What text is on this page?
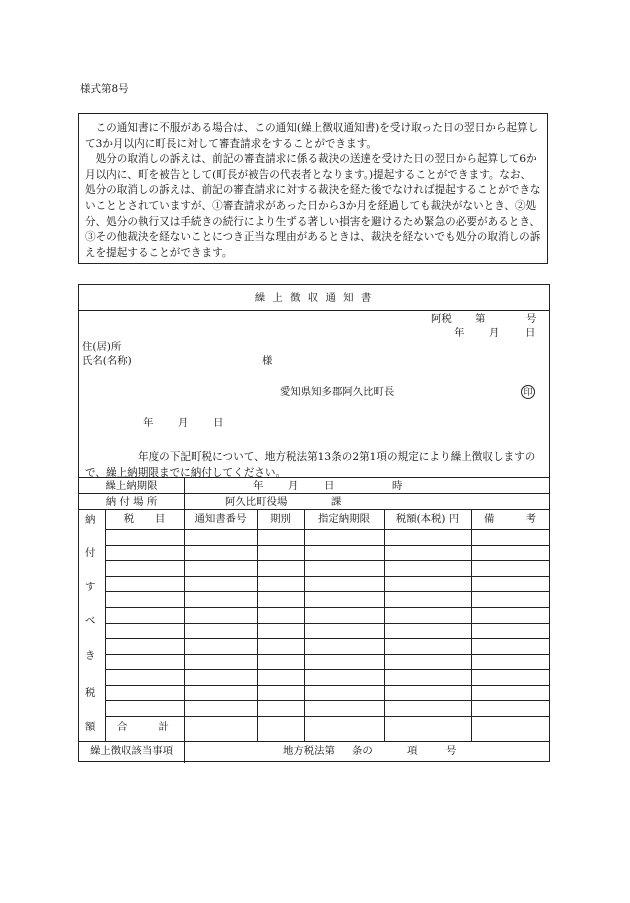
様式第8号

この通知書に不服がある場合は、この通知(繰上徴収通知書)を受け取った日の翌日から起算して3か月以内に町長に対して審査請求をすることができます。

処分の取消しの訴えは、前記の審査請求に係る裁決の送達を受けた日の翌日から起算して6か月以内に、町を被告として(町長が被告の代表者となります。)提起することができます。なお、処分の取消しの訴えは、前記の審査請求に対する裁決を経た後でなければ提起することができないこととされていますが、①審査請求があった日から3か月を経過しても裁決がないとき、②処分、処分の執行又は手続きの続行により生ずる著しい損害を避けるため緊急の必要があるとき、③その他裁決を経ないことにつき正当な理由があるときは、裁決を経ないでも処分の取消しの訴えを提起することができます。

繰 上 徴 収 通 知 書
阿税 第	号
年 月 日
住(居)所
氏名(名称)	様
愛知県知多郡阿久比町長	印
年 月 日

年度の下記町税について、地方税法第13条の2第1項の規定により繰上徴収しますので、繰上納期限までに納付してください。

繰上納期限	年 月 日	時
納 付 場 所	阿久比町役場	課
税　　目	通知書番号	期別	指定納期限	税額(本税) 円	備　　　考
納
付
す
べ
き
税
額 合　　　計
繰上徴収該当事項	地方税法第 条の	項	号
